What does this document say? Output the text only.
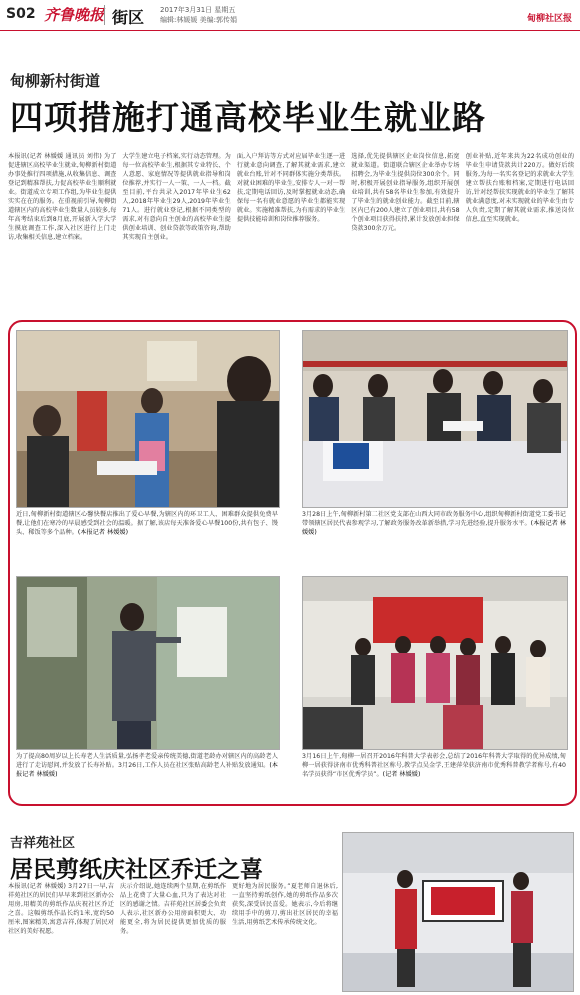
S02 齐鲁晚报 街区 2017年3月31日 星期五
编辑:林媛媛 美编:郭传娟	甸柳社区报
甸柳新村街道
四项措施打通高校毕业生就业路
本报讯(记者 林媛媛 通讯员 刘伟) 为了促进辖区高校毕业生就业,甸柳新村街道办事处推行四项措施,从收集信息、调查登记到精准帮扶,力促高校毕业生顺利就业。街道成立专项工作组,为毕业生提供实实在在的服务。在重视前引导,甸柳街道辖区内的高校毕业生数量人员较多,每年高考结束后到8月底,开展新入学大学生摸底调查工作,深入社区进行上门走访,收集相关信息,建立档案。
大学生建立电子档案,实行动态管理。为每一位高校毕业生,根据其专业特长、个人意愿、家庭情况等提供就业指导和岗位推荐,并实行一人一策、一人一档。截至目前,平台共录入2017年毕业生62人,2018年毕业生29人,2019年毕业生71人。进行就业登记,根据不同类型的需求,对有意向自主创业的高校毕业生提供创业培训、创业贷款等政策咨询,帮助其实现自主创业。
面,入户拜访等方式对应届毕业生逐一进行就业意向调查,了解其就业需求,建立就业台账,针对不同群体实施分类帮扶。对就业困难的毕业生,安排专人一对一帮扶,定期电话回访,及时掌握就业动态,确保每一名有就业意愿的毕业生都能实现就业。实施精准帮扶,为有需求的毕业生提供技能培训和岗位推荐服务。
选择,优先提供辖区企业岗位信息,拓宽就业渠道。街道联合辖区企业举办专场招聘会,为毕业生提供岗位300余个。同时,积极开展创业指导服务,组织开展创业培训,共有58名毕业生参加,有效提升了毕业生的就业创业能力。截至目前,辖区内已有200人建立了创业项目,共有58个创业项目获得扶持,累计发放创业担保贷款300余万元。
创业补贴,近年来共为22名成功创业的毕业生申请贷款共计220万。做好后续服务,为每一名实名登记的求就业大学生建立帮扶台账和档案,定期进行电话回访,针对经帮扶实现就业的毕业生了解其就业满意度,对未实现就业的毕业生由专人负责,定期了解其就业需求,推送岗位信息,直至实现就业。
近日,甸柳新村街道辖区心馨快餐店推出了爱心早餐,为辖区内的环卫工人、困难群众提供免费早餐,让他们在寒冷的早晨感受到社会的温暖。据了解,该店每天准备爱心早餐100份,共有包子、馒头、稀饭等多个品种。(本报记者 林媛媛)
3月28日上午,甸柳新村第二社区党支部在山西大同市政务服务中心,组织甸柳新村街道党工委书记带领辖区居民代表参观学习,了解政务服务改革新举措,学习先进经验,提升服务水平。(本报记者 林媛媛)
为了提高80周岁以上长寿老人生活质量,弘扬孝老爱亲传统美德,街道老龄办对辖区内的高龄老人进行了走访慰问,并发放了长寿补贴。3月26日,工作人员在社区张贴高龄老人补贴发放通知。(本报记者 林媛媛)
3月16日上午,甸柳一居召开2016年科普大学表彰会,总结了2016年科普大学取得的优异成绩,甸柳一居获得济南市优秀科普社区称号,教学点吴金学,王建萍荣获济南市优秀科普教学者称号,有40名学员获得“市区优秀学员”。(记者 林媛媛)
吉祥苑社区
居民剪纸庆社区乔迁之喜
本报讯(记者 林媛媛) 3月27日一早,吉祥苑社区的居民们早早来到社区新办公用房,用精美的剪纸作品庆祝社区乔迁之喜。这幅剪纸作品长约1米,宽约50厘米,图案精美,寓意吉祥,体现了居民对社区的美好祝愿。
庆示介绍说,她连续两个星期,在剪纸作品上花费了大量心血,只为了表达对社区的感谢之情。吉祥苑社区居委会负责人表示,社区新办公用房面积更大、功能更全,将为居民提供更加优质的服务。
更好地为居民服务。”夏老师自退休后,一直坚持剪纸创作,她的剪纸作品多次获奖,深受居民喜爱。她表示,今后将继续用手中的剪刀,剪出社区居民的幸福生活,用剪纸艺术传承传统文化。
